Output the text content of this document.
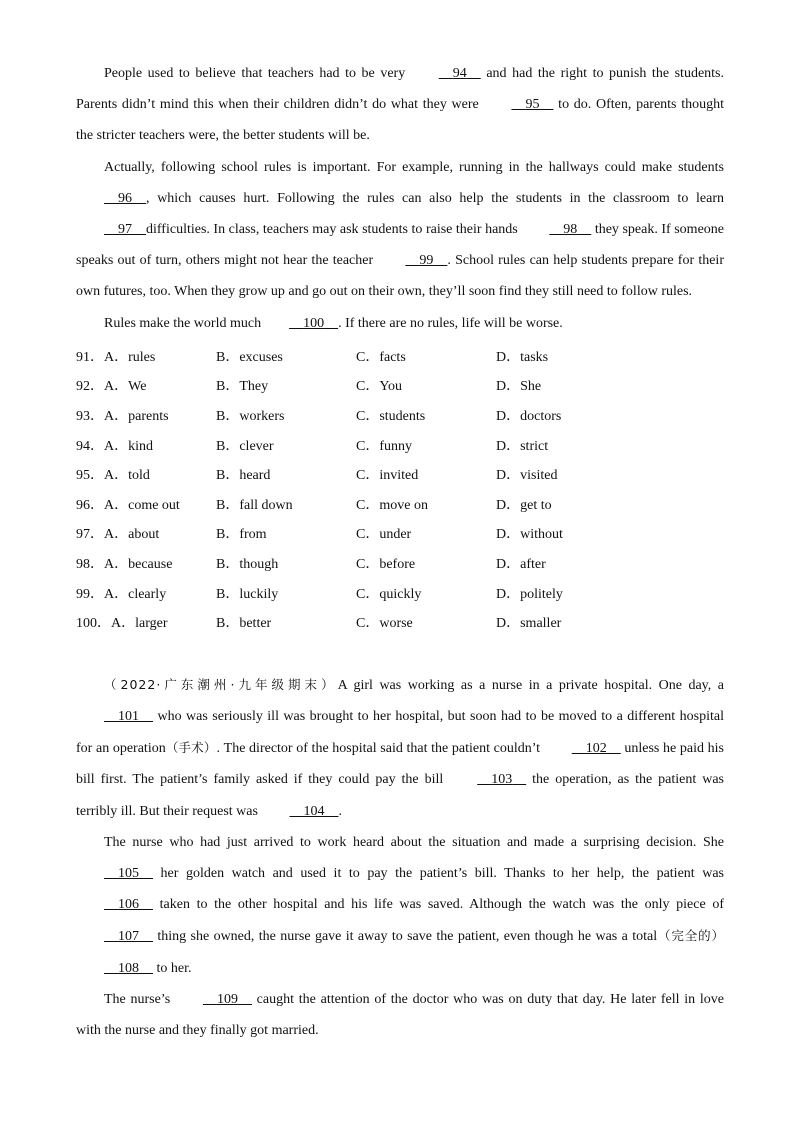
People used to believe that teachers had to be very	94     and had the right to punish the students. Parents didn’t mind this when their children didn’t do what they were	95     to do. Often, parents thought the stricter teachers were, the better students will be.

Actually, following school rules is important. For example, running in the hallways could make students     96 , which causes hurt. Following the rules can also help the students in the classroom to learn     97 difficulties. In class, teachers may ask students to raise their hands	98     they speak. If someone speaks out of turn, others might not hear the teacher	99 . School rules can help students prepare for their own futures, too. When they grow up and go out on their own, they’ll soon find they still need to follow rules.

Rules make the world much	100 . If there are no rules, life will be worse.

91．A．rules	B．excuses	C．facts	D．tasks
92．A．We	B．They	C．You	D．She
93．A．parents	B．workers	C．students	D．doctors
94．A．kind	B．clever	C．funny	D．strict
95．A．told	B．heard	C．invited	D．visited
96．A．come out	B．fall down	C．move on	D．get to
97．A．about	B．from	C．under	D．without
98．A．because	B．though	C．before	D．after
99．A．clearly	B．luckily	C．quickly	D．politely
100．A．larger	B．better	C．worse	D．smaller

（2022·广东潮州·九年级期末）A girl was working as a nurse in a private hospital. One day, a     101     who was seriously ill was brought to her hospital, but soon had to be moved to a different hospital for an operation（手术）. The director of the hospital said that the patient couldn’t	102     unless he paid his bill first. The patient’s family asked if they could pay the bill	103     the operation, as the patient was terribly ill. But their request was	104 .

The nurse who had just arrived to work heard about the situation and made a surprising decision. She     105     her golden watch and used it to pay the patient’s bill. Thanks to her help, the patient was     106     taken to the other hospital and his life was saved. Although the watch was the only piece of     107     thing she owned, the nurse gave it away to save the patient, even though he was a total（完全的）    108     to her.

The nurse’s	109     caught the attention of the doctor who was on duty that day. He later fell in love with the nurse and they finally got married.
